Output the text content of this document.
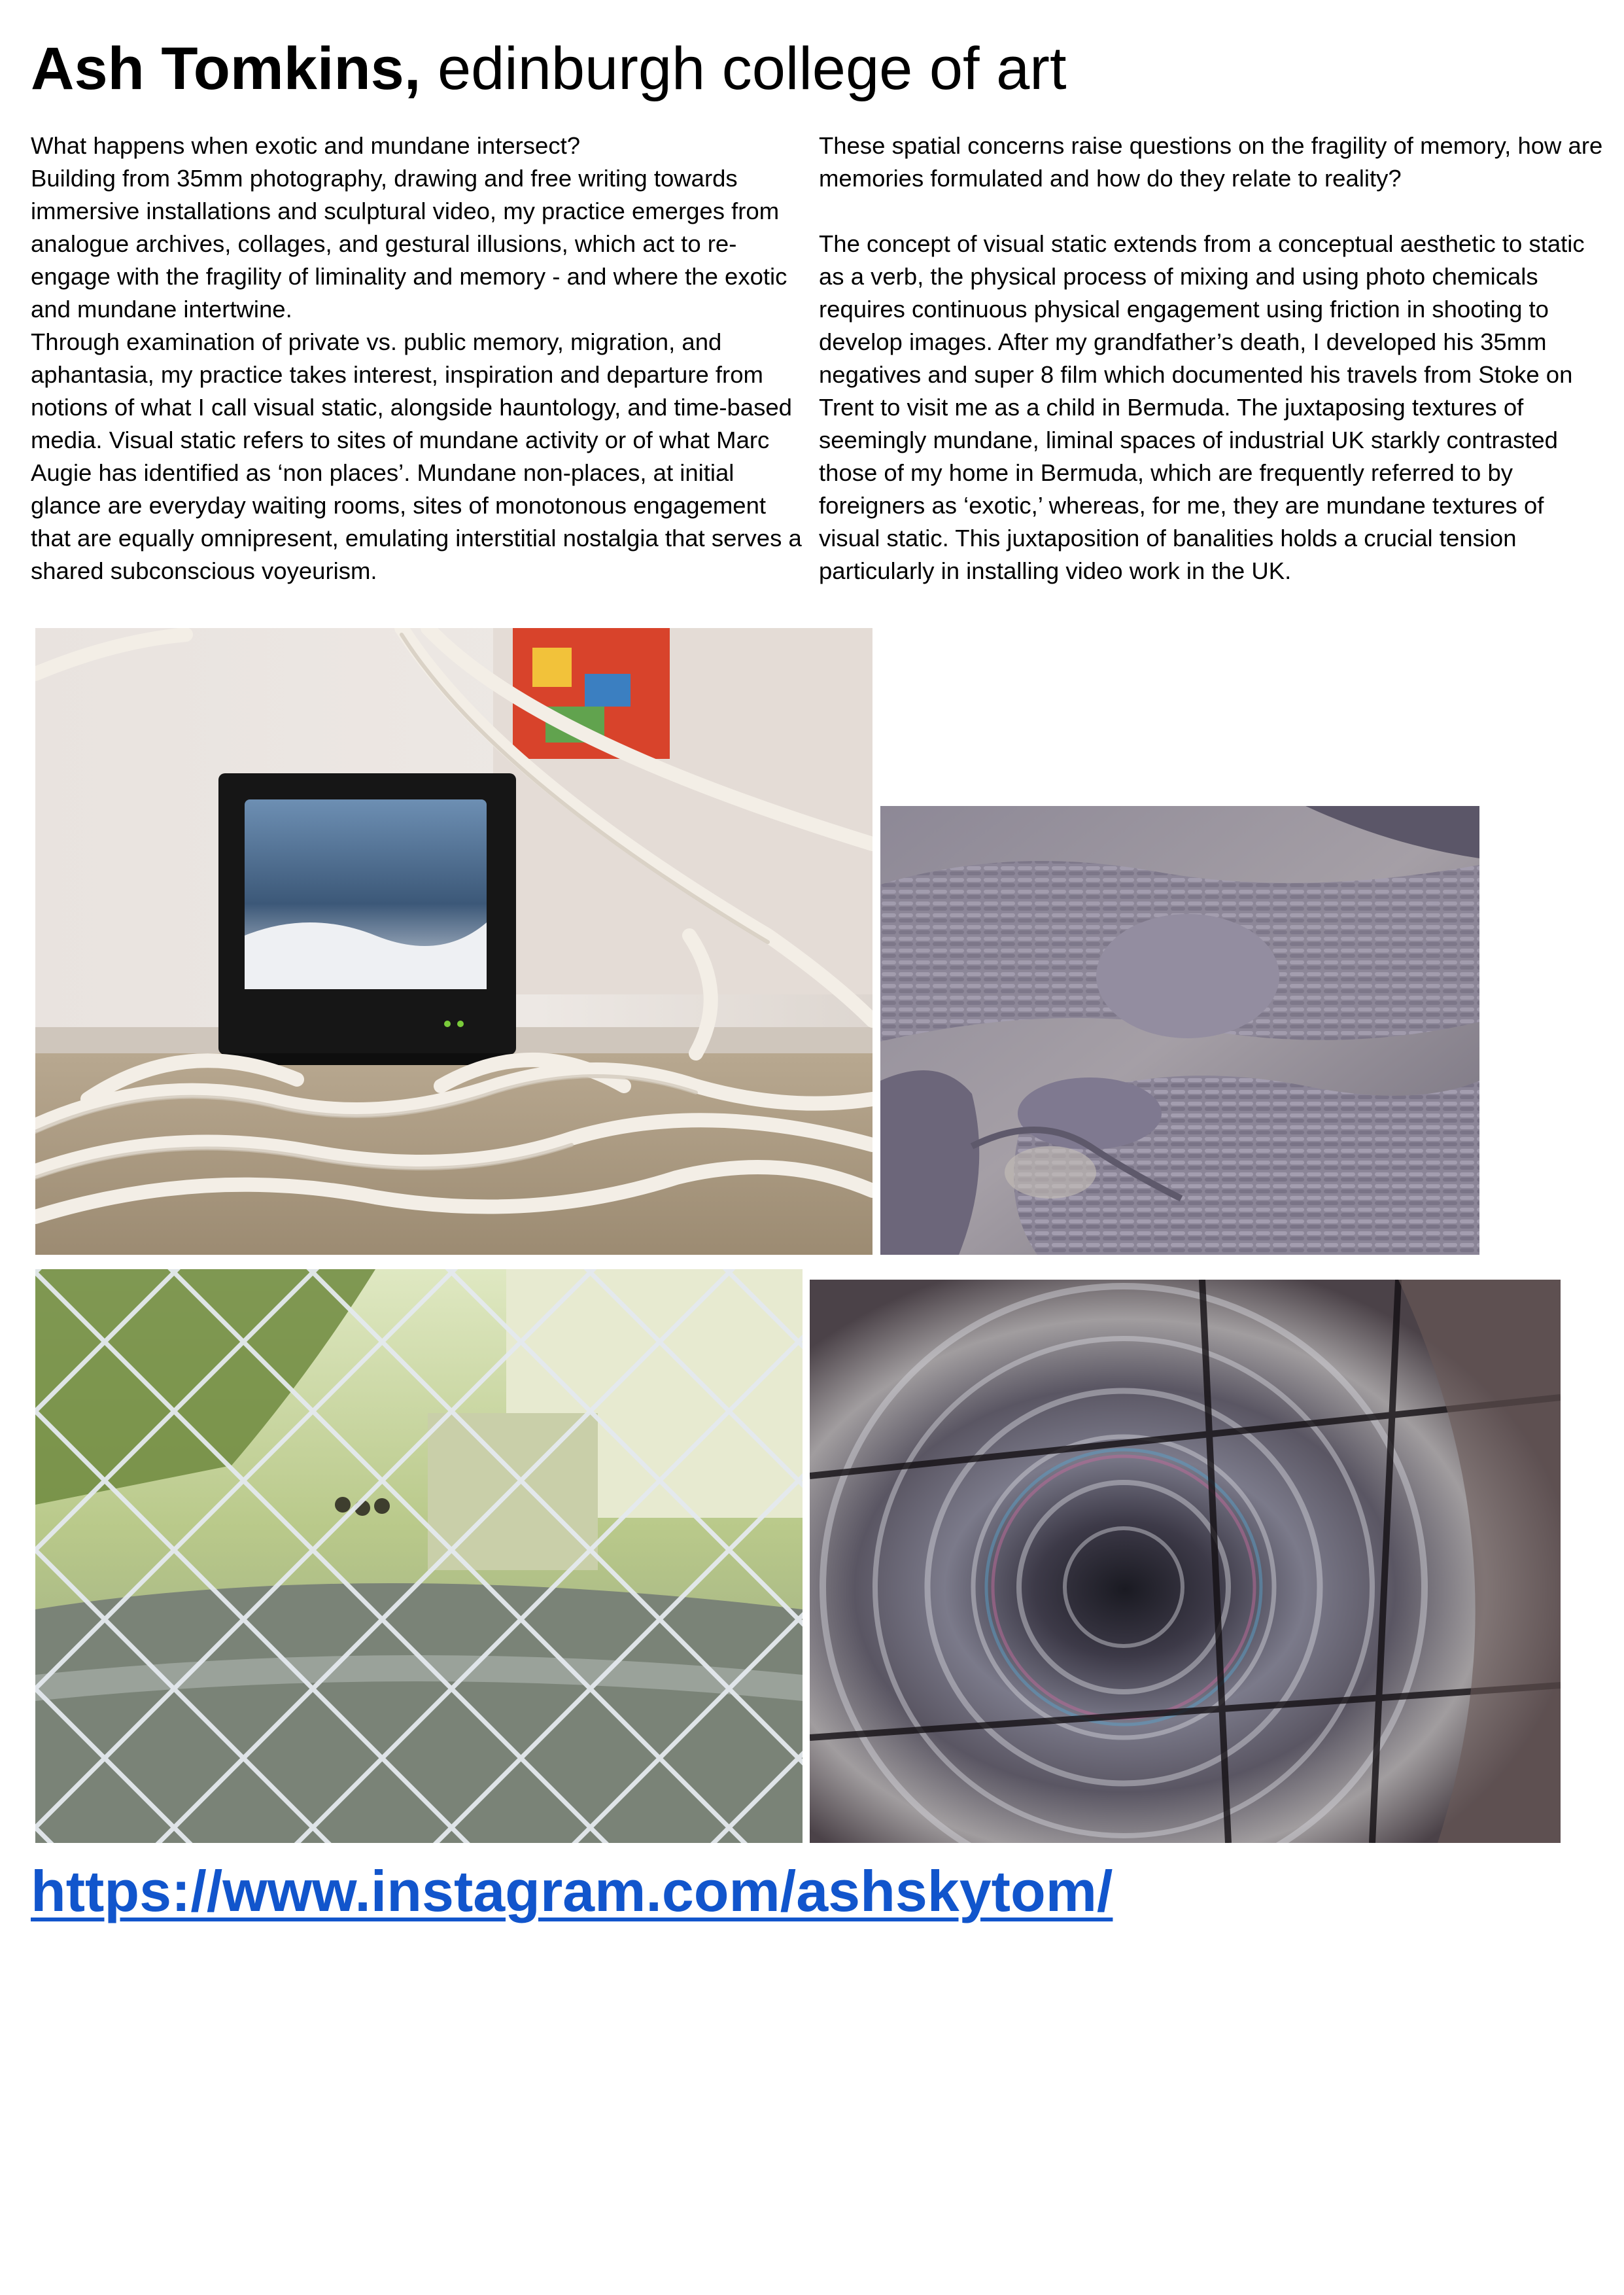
Ash Tomkins, edinburgh college of art

What happens when exotic and mundane intersect?

Building from 35mm photography, drawing and free writing towards immersive installations and sculptural video, my practice emerges from analogue archives, collages, and gestural illusions, which act to re-engage with the fragility of liminality and memory - and where the exotic and mundane intertwine.

Through examination of private vs. public memory, migration, and aphantasia, my practice takes interest, inspiration and departure from notions of what I call visual static, alongside hauntology, and time-based media. Visual static refers to sites of mundane activity or of what Marc Augie has identified as ‘non places’. Mundane non-places, at initial glance are everyday waiting rooms, sites of monotonous engagement that are equally omnipresent, emulating interstitial nostalgia that serves a shared subconscious voyeurism.

These spatial concerns raise questions on the fragility of memory, how are memories formulated and how do they relate to reality?

The concept of visual static extends from a conceptual aesthetic to static as a verb, the physical process of mixing and using photo chemicals requires continuous physical engagement using friction in shooting to develop images. After my grandfather’s death, I developed his 35mm negatives and super 8 film which documented his travels from Stoke on Trent to visit me as a child in Bermuda. The juxtaposing textures of seemingly mundane, liminal spaces of industrial UK starkly contrasted those of my home in Bermuda, which are frequently referred to by foreigners as ‘exotic,’ whereas, for me, they are mundane textures of visual static. This juxtaposition of banalities holds a crucial tension particularly in installing video work in the UK.

https://www.instagram.com/ashskytom/
